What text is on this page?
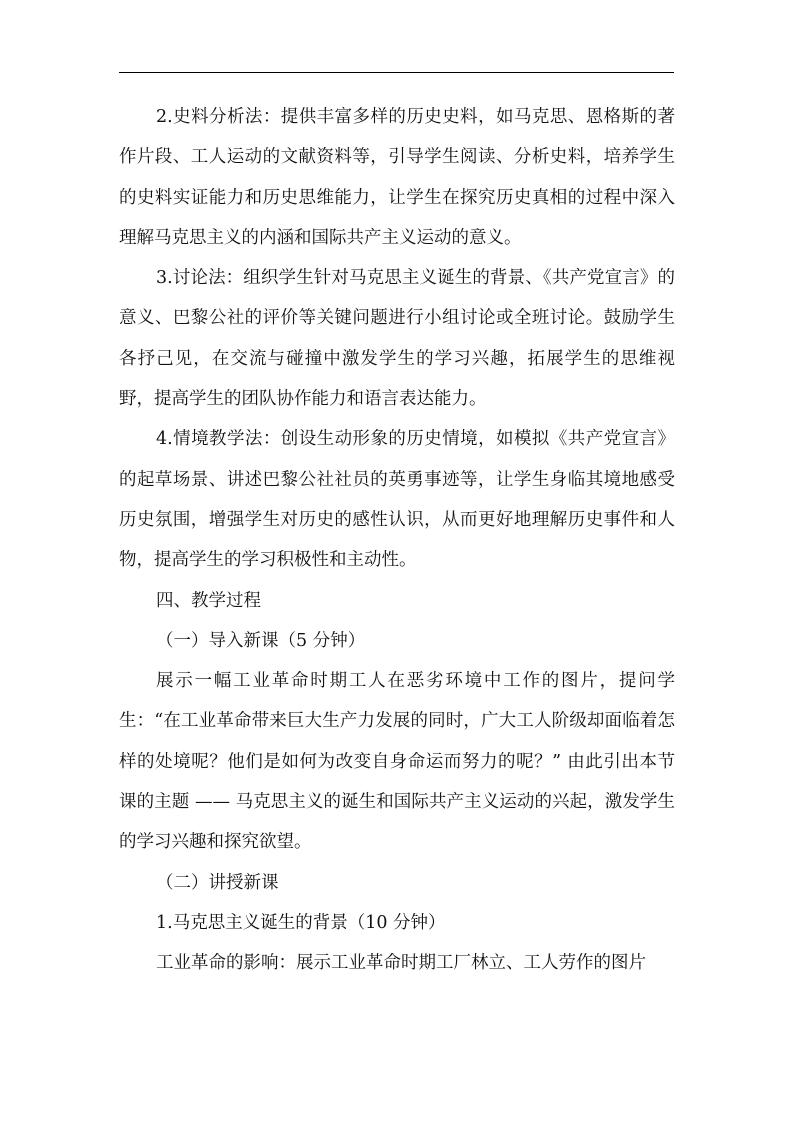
2.史料分析法：提供丰富多样的历史史料，如马克思、恩格斯的著作片段、工人运动的文献资料等，引导学生阅读、分析史料，培养学生的史料实证能力和历史思维能力，让学生在探究历史真相的过程中深入理解马克思主义的内涵和国际共产主义运动的意义。

3.讨论法：组织学生针对马克思主义诞生的背景、《共产党宣言》的意义、巴黎公社的评价等关键问题进行小组讨论或全班讨论。鼓励学生各抒己见，在交流与碰撞中激发学生的学习兴趣，拓展学生的思维视野，提高学生的团队协作能力和语言表达能力。

4.情境教学法：创设生动形象的历史情境，如模拟《共产党宣言》的起草场景、讲述巴黎公社社员的英勇事迹等，让学生身临其境地感受历史氛围，增强学生对历史的感性认识，从而更好地理解历史事件和人物，提高学生的学习积极性和主动性。

四、教学过程

（一）导入新课（5 分钟）

展示一幅工业革命时期工人在恶劣环境中工作的图片，提问学生：“在工业革命带来巨大生产力发展的同时，广大工人阶级却面临着怎样的处境呢？他们是如何为改变自身命运而努力的呢？” 由此引出本节课的主题 —— 马克思主义的诞生和国际共产主义运动的兴起，激发学生的学习兴趣和探究欲望。

（二）讲授新课

1.马克思主义诞生的背景（10 分钟）

工业革命的影响：展示工业革命时期工厂林立、工人劳作的图片
